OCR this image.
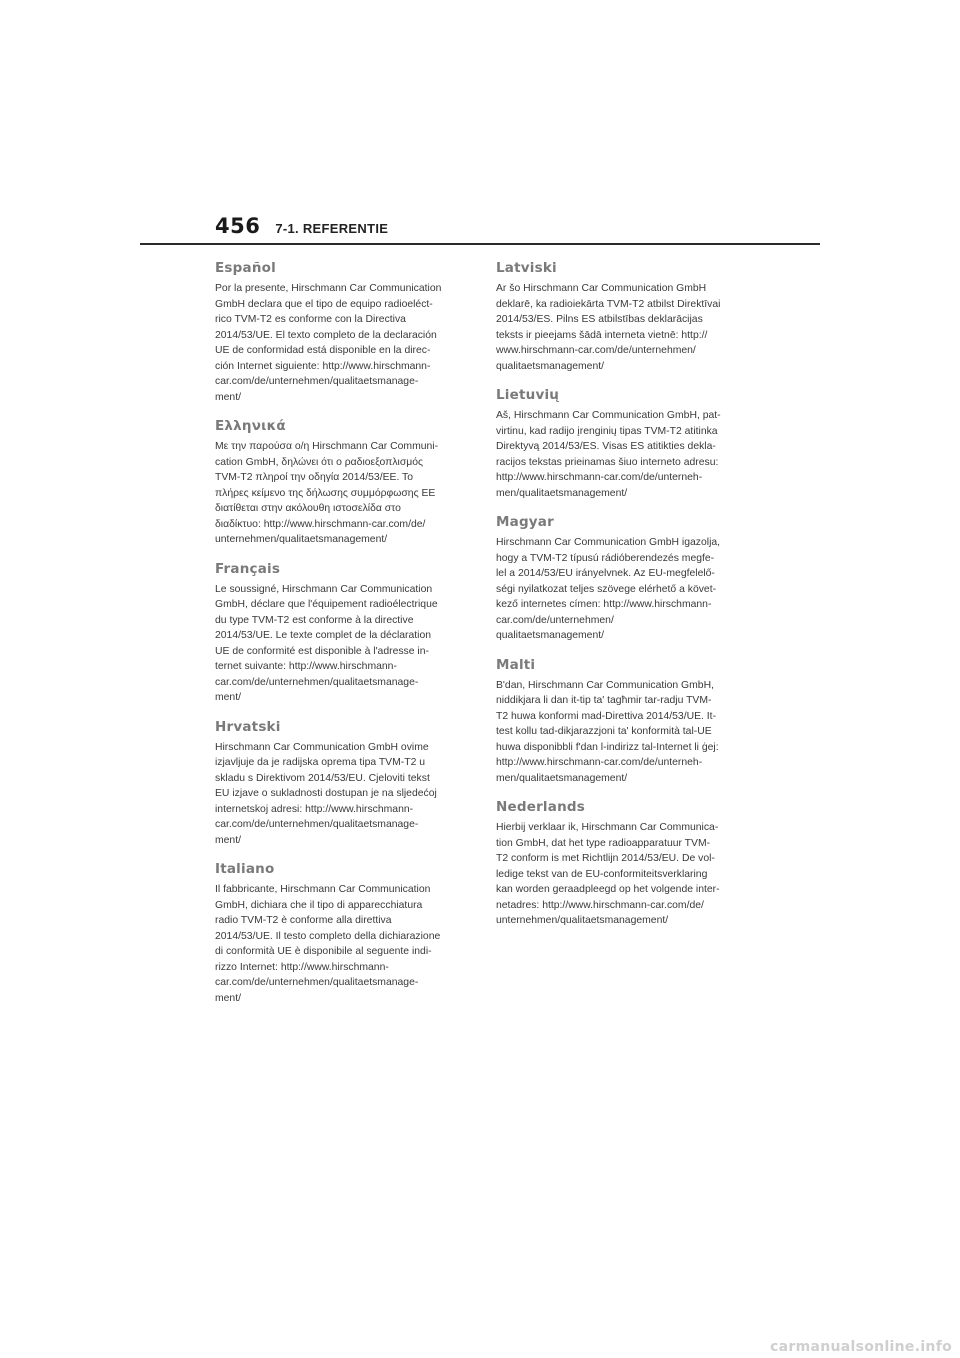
456 7-1. REFERENTIE
Español

Por la presente, Hirschmann Car Communication
GmbH declara que el tipo de equipo radioeléct-
rico TVM-T2 es conforme con la Directiva
2014/53/UE. El texto completo de la declaración
UE de conformidad está disponible en la direc-
ción Internet siguiente: http://www.hirschmann-
car.com/de/unternehmen/qualitaetsmanage-
ment/

Ελληνικά

Με την παρούσα ο/η Hirschmann Car Communi-
cation GmbH, δηλώνει ότι ο ραδιοεξοπλισμός
TVM-T2 πληροί την οδηγία 2014/53/ΕΕ. Το
πλήρες κείμενο της δήλωσης συμμόρφωσης ΕΕ
διατίθεται στην ακόλουθη ιστοσελίδα στο
διαδίκτυο: http://www.hirschmann-car.com/de/
unternehmen/qualitaetsmanagement/

Français

Le soussigné, Hirschmann Car Communication
GmbH, déclare que l'équipement radioélectrique
du type TVM-T2 est conforme à la directive
2014/53/UE. Le texte complet de la déclaration
UE de conformité est disponible à l'adresse in-
ternet suivante: http://www.hirschmann-
car.com/de/unternehmen/qualitaetsmanage-
ment/

Hrvatski

Hirschmann Car Communication GmbH ovime
izjavljuje da je radijska oprema tipa TVM-T2 u
skladu s Direktivom 2014/53/EU. Cjeloviti tekst
EU izjave o sukladnosti dostupan je na sljedećoj
internetskoj adresi: http://www.hirschmann-
car.com/de/unternehmen/qualitaetsmanage-
ment/

Italiano

Il fabbricante, Hirschmann Car Communication
GmbH, dichiara che il tipo di apparecchiatura
radio TVM-T2 è conforme alla direttiva
2014/53/UE. Il testo completo della dichiarazione
di conformità UE è disponibile al seguente indi-
rizzo Internet: http://www.hirschmann-
car.com/de/unternehmen/qualitaetsmanage-
ment/

Latviski

Ar šo Hirschmann Car Communication GmbH
deklarē, ka radioiekārta TVM-T2 atbilst Direktīvai
2014/53/ES. Pilns ES atbilstības deklarācijas
teksts ir pieejams šādā interneta vietnē: http://
www.hirschmann-car.com/de/unternehmen/
qualitaetsmanagement/

Lietuvių

Aš, Hirschmann Car Communication GmbH, pat-
virtinu, kad radijo įrenginių tipas TVM-T2 atitinka
Direktyvą 2014/53/ES. Visas ES atitikties dekla-
racijos tekstas prieinamas šiuo interneto adresu:
http://www.hirschmann-car.com/de/unterneh-
men/qualitaetsmanagement/

Magyar

Hirschmann Car Communication GmbH igazolja,
hogy a TVM-T2 típusú rádióberendezés megfe-
lel a 2014/53/EU irányelvnek. Az EU-megfelelő-
ségi nyilatkozat teljes szövege elérhető a követ-
kező internetes címen: http://www.hirschmann-
car.com/de/unternehmen/
qualitaetsmanagement/

Malti

B'dan, Hirschmann Car Communication GmbH,
niddikjara li dan it-tip ta' tagħmir tar-radju TVM-
T2 huwa konformi mad-Direttiva 2014/53/UE. It-
test kollu tad-dikjarazzjoni ta' konformità tal-UE
huwa disponibbli f'dan l-indirizz tal-Internet li ġej:
http://www.hirschmann-car.com/de/unterneh-
men/qualitaetsmanagement/

Nederlands

Hierbij verklaar ik, Hirschmann Car Communica-
tion GmbH, dat het type radioapparatuur TVM-
T2 conform is met Richtlijn 2014/53/EU. De vol-
ledige tekst van de EU-conformiteitsverklaring
kan worden geraadpleegd op het volgende inter-
netadres: http://www.hirschmann-car.com/de/
unternehmen/qualitaetsmanagement/

carmanualsonline.info
